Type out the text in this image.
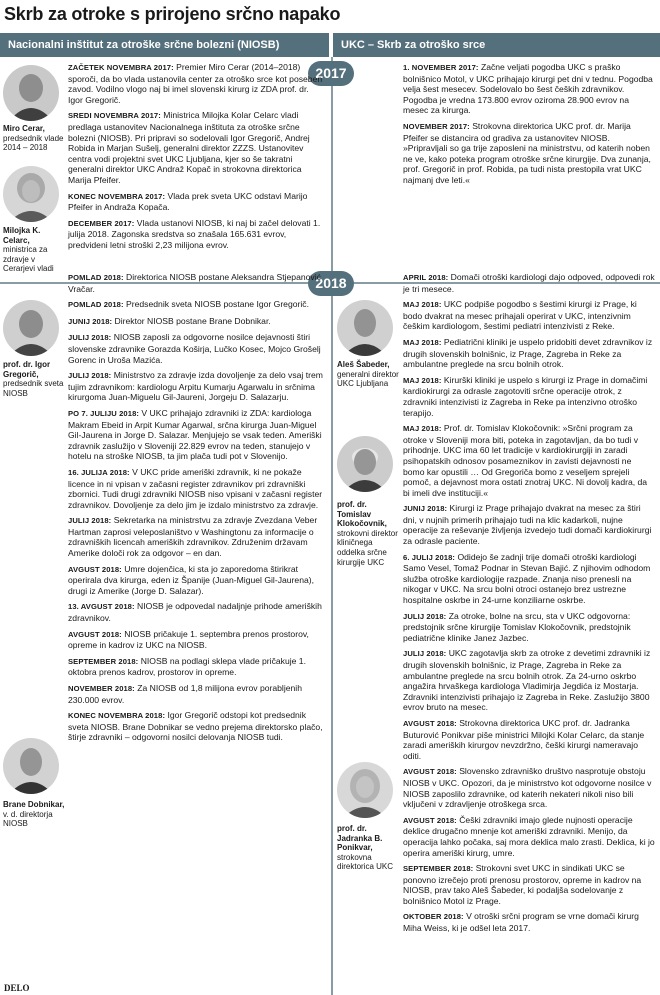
Skrb za otroke s prirojeno srčno napako
Nacionalni inštitut za otroške srčne bolezni (NIOSB)	UKC – Skrb za otroško srce
2017
2018

ZAČETEK NOVEMBRA 2017: Premier Miro Cerar (2014–2018) sporoči, da bo vlada ustanovila center za otroško srce kot poseben zavod. Vodilno vlogo naj bi imel slovenski kirurg iz ZDA prof. dr. Igor Gregorič.

SREDI NOVEMBRA 2017: Ministrica Milojka Kolar Celarc vladi predlaga ustanovitev Nacionalnega inštituta za otroške srčne bolezni (NIOSB). Pri pripravi so sodelovali Igor Gregorič, Andrej Robida in Marjan Sušelj, generalni direktor ZZZS. Ustanovitev centra vodi projektni svet UKC Ljubljana, kjer so še takratni generalni direktor UKC Andraž Kopač in strokovna direktorica Marija Pfeifer.

KONEC NOVEMBRA 2017: Vlada prek sveta UKC odstavi Marijo Pfeifer in Andraža Kopača.

DECEMBER 2017: Vlada ustanovi NIOSB, ki naj bi začel delovati 1. julija 2018. Zagonska sredstva so znašala 165.631 evrov, predvideni letni stroški 2,23 milijona evrov.

POMLAD 2018: Direktorica NIOSB postane Aleksandra Stjepanović Vračar.

POMLAD 2018: Predsednik sveta NIOSB postane Igor Gregorič.

JUNIJ 2018: Direktor NIOSB postane Brane Dobnikar.

JULIJ 2018: NIOSB zaposli za odgovorne nosilce dejavnosti štiri slovenske zdravnike Gorazda Koširja, Lučko Kosec, Mojco Grošelj Gorenc in Uroša Mazića.

JULIJ 2018: Ministrstvo za zdravje izda dovoljenje za delo vsaj trem tujim zdravnikom: kardiologu Arpitu Kumarju Agarwalu in srčnima kirurgoma Juan-Miguelu Gil-Jaureni, Jorgeju D. Salazarju.

PO 7. JULIJU 2018: V UKC prihajajo zdravniki iz ZDA: kardiologa Makram Ebeid in Arpit Kumar Agarwal, srčna kirurga Juan-Miguel Gil-Jaurena in Jorge D. Salazar. Menjujejo se vsak teden. Ameriški zdravnik zaslužijo v Sloveniji 22.829 evrov na teden, stanujejo v hotelu na stroške NIOSB, ta jim plača tudi pot v Slovenijo.

16. JULIJA 2018: V UKC pride ameriški zdravnik, ki ne pokaže licence in ni vpisan v začasni register zdravnikov pri zdravniški zbornici. Tudi drugi zdravniki NIOSB niso vpisani v začasni register zdravnikov. Dovoljenje za delo jim je izdalo ministrstvo za zdravje.

JULIJ 2018: Sekretarka na ministrstvu za zdravje Zvezdana Veber Hartman zaprosi veleposlaništvo v Washingtonu za informacije o zdravniških licencah ameriških zdravnikov. Združenim državam Amerike določi rok za odgovor – en dan.

AVGUST 2018: Umre dojenčica, ki sta jo zaporedoma štirikrat operirala dva kirurga, eden iz Španije (Juan-Miguel Gil-Jaurena), drugi iz Amerike (Jorge D. Salazar).

13. AVGUST 2018: NIOSB je odpovedal nadaljnje prihode ameriških zdravnikov.

AVGUST 2018: NIOSB pričakuje 1. septembra prenos prostorov, opreme in kadrov iz UKC na NIOSB.

SEPTEMBER 2018: NIOSB na podlagi sklepa vlade pričakuje 1. oktobra prenos kadrov, prostorov in opreme.

NOVEMBER 2018: Za NIOSB od 1,8 milijona evrov porabljenih 230.000 evrov.

KONEC NOVEMBRA 2018: Igor Gregorič odstopi kot predsednik sveta NIOSB. Brane Dobnikar se vedno prejema direktorsko plačo, štirje zdravniki – odgovorni nosilci delovanja NIOSB tudi.

1. NOVEMBER 2017: Začne veljati pogodba UKC s praško bolnišnico Motol, v UKC prihajajo kirurgi pet dni v tednu. Pogodba velja šest mesecev. Sodelovalo bo šest čeških zdravnikov. Pogodba je vredna 173.800 evrov oziroma 28.900 evrov na mesec za kirurga.

NOVEMBER 2017: Strokovna direktorica UKC prof. dr. Marija Pfeifer se distancira od gradiva za ustanovitev NIOSB. »Pripravljali so ga trije zaposleni na ministrstvu, od katerih noben ne ve, kako poteka program otroške srčne kirurgije. Dva zunanja, prof. Gregorič in prof. Robida, pa tudi nista prestopila vrat UKC najmanj dve leti.«

APRIL 2018: Domači otroški kardiologi dajo odpoved, odpovedi rok je tri mesece.

MAJ 2018: UKC podpiše pogodbo s šestimi kirurgi iz Prage, ki bodo dvakrat na mesec prihajali operirat v UKC, intenzivnim češkim kardiologom, šestimi pediatri intenzivisti z Reke.

MAJ 2018: Pediatrični kliniki je uspelo pridobiti devet zdravnikov iz drugih slovenskih bolnišnic, iz Prage, Zagreba in Reke za ambulantne preglede na srcu bolnih otrok.

MAJ 2018: Kirurški kliniki je uspelo s kirurgi iz Prage in domačimi kardiokirurgi za odrasle zagotoviti srčne operacije otrok, z zdravniki intenzivisti iz Zagreba in Reke pa intenzivno otroško terapijo.

MAJ 2018: Prof. dr. Tomislav Klokočovnik: »Srčni program za otroke v Sloveniji mora biti, poteka in zagotavljan, da bo tudi v prihodnje. UKC ima 60 let tradicije v kardiokirurgiji in zaradi psihopatskih odnosov posameznikov in zavisti dejavnosti ne bomo kar opustili … Od Gregoriča bomo z veseljem sprejeli pomoč, a dejavnost mora ostati znotraj UKC. Ni dovolj kadra, da bi imeli dve instituciji.«

JUNIJ 2018: Kirurgi iz Prage prihajajo dvakrat na mesec za štiri dni, v nujnih primerih prihajajo tudi na klic kadarkoli, nujne operacije za reševanje življenja izvedejo tudi domači kardiokirurgi za odrasle paciente.

6. JULIJ 2018: Odidejo še zadnji trije domači otroški kardiologi Samo Vesel, Tomaž Podnar in Stevan Bajić. Z njihovim odhodom služba otroške kardiologije razpade. Znanja niso prenesli na nikogar v UKC. Na srcu bolni otroci ostanejo brez ustrezne hospitalne oskrbe in 24-urne konziliarne oskrbe.

JULIJ 2018: Za otroke, bolne na srcu, sta v UKC odgovorna: predstojnik srčne kirurgije Tomislav Klokočovnik, predstojnik pediatrične klinike Janez Jazbec.

JULIJ 2018: UKC zagotavlja skrb za otroke z devetimi zdravniki iz drugih slovenskih bolnišnic, iz Prage, Zagreba in Reke za ambulantne preglede na srcu bolnih otrok. Za 24-urno oskrbo angažira hrvaškega kardiologa Vladimirja Jegdića iz Mostarja. Zdravniki intenzivisti prihajajo iz Zagreba in Reke. Zaslužijo 3800 evrov bruto na mesec.

AVGUST 2018: Strokovna direktorica UKC prof. dr. Jadranka Buturović Ponikvar piše ministrici Milojki Kolar Celarc, da stanje zaradi ameriških kirurgov nevzdržno, češki kirurgi nameravajo oditi.

AVGUST 2018: Slovensko zdravniško društvo nasprotuje obstoju NIOSB v UKC. Opozori, da je ministrstvo kot odgovorne nosilce v NIOSB zaposlilo zdravnike, od katerih nekateri nikoli niso bili vključeni v zdravljenje otroškega srca.

AVGUST 2018: Češki zdravniki imajo glede nujnosti operacije deklice drugačno mnenje kot ameriški zdravniki. Menijo, da operacija lahko počaka, saj mora deklica malo zrasti. Deklica, ki jo operira ameriški kirurg, umre.

SEPTEMBER 2018: Strokovni svet UKC in sindikati UKC se ponovno izrečejo proti prenosu prostorov, opreme in kadrov na NIOSB, prav tako Aleš Šabeder, ki podaljša sodelovanje z bolnišnico Motol iz Prage.

OKTOBER 2018: V otroški srčni program se vrne domači kirurg Miha Weiss, ki je odšel leta 2017.

Miro Cerar,
predsednik vlade 2014 – 2018
Milojka K. Celarc,
ministrica za zdravje v Cerarjevi vladi
prof. dr. Igor Gregorič,
predsednik sveta NIOSB
Brane Dobnikar,
v. d. direktorja NIOSB
Aleš Šabeder,
generalni direktor UKC Ljubljana
prof. dr. Tomislav Klokočovnik,
strokovni direktor kliničnega oddelka srčne kirurgije UKC
prof. dr. Jadranka B. Ponikvar,
strokovna direktorica UKC
DELO
